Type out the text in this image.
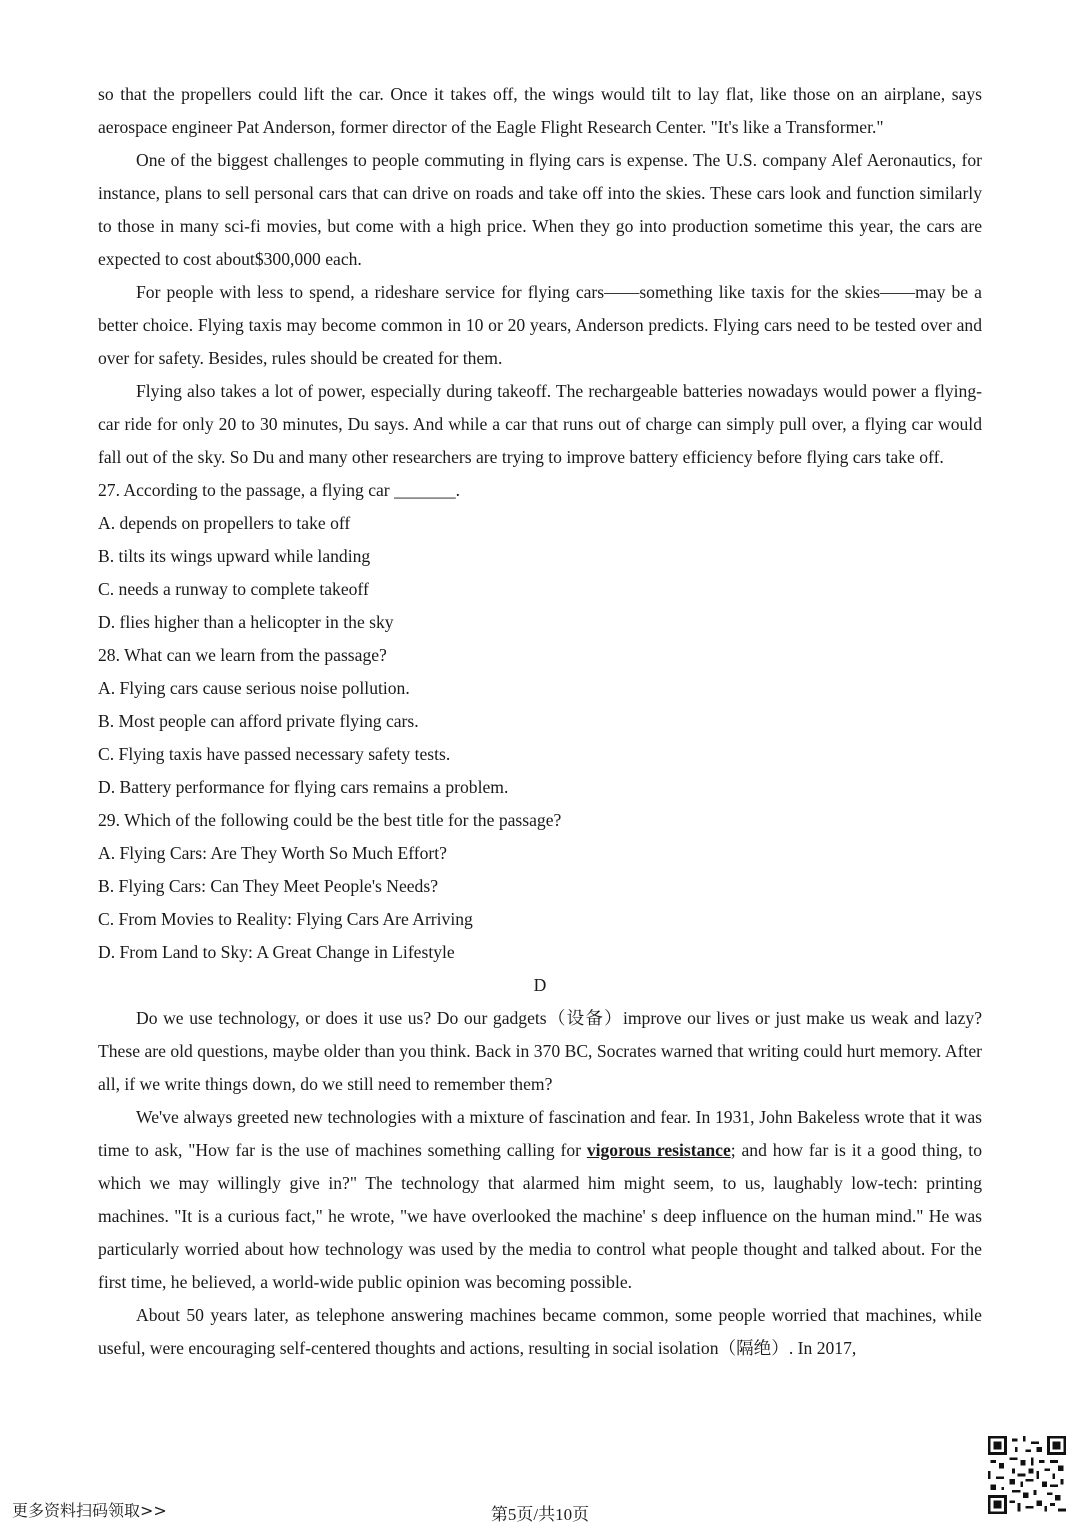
so that the propellers could lift the car. Once it takes off, the wings would tilt to lay flat, like those on an airplane, says aerospace engineer Pat Anderson, former director of the Eagle Flight Research Center. "It's like a Transformer."

One of the biggest challenges to people commuting in flying cars is expense. The U.S. company Alef Aeronautics, for instance, plans to sell personal cars that can drive on roads and take off into the skies. These cars look and function similarly to those in many sci-fi movies, but come with a high price. When they go into production sometime this year, the cars are expected to cost about$300,000 each.

For people with less to spend, a rideshare service for flying cars——something like taxis for the skies——may be a better choice. Flying taxis may become common in 10 or 20 years, Anderson predicts. Flying cars need to be tested over and over for safety. Besides, rules should be created for them.

Flying also takes a lot of power, especially during takeoff. The rechargeable batteries nowadays would power a flying-car ride for only 20 to 30 minutes, Du says. And while a car that runs out of charge can simply pull over, a flying car would fall out of the sky. So Du and many other researchers are trying to improve battery efficiency before flying cars take off.

27. According to the passage, a flying car _______.

A. depends on propellers to take off

B. tilts its wings upward while landing

C. needs a runway to complete takeoff

D. flies higher than a helicopter in the sky

28. What can we learn from the passage?

A. Flying cars cause serious noise pollution.

B. Most people can afford private flying cars.

C. Flying taxis have passed necessary safety tests.

D. Battery performance for flying cars remains a problem.

29. Which of the following could be the best title for the passage?

A. Flying Cars: Are They Worth So Much Effort?

B. Flying Cars: Can They Meet People's Needs?

C. From Movies to Reality: Flying Cars Are Arriving

D. From Land to Sky: A Great Change in Lifestyle

D

Do we use technology, or does it use us? Do our gadgets（设备）improve our lives or just make us weak and lazy? These are old questions, maybe older than you think. Back in 370 BC, Socrates warned that writing could hurt memory. After all, if we write things down, do we still need to remember them?

We've always greeted new technologies with a mixture of fascination and fear. In 1931, John Bakeless wrote that it was time to ask, "How far is the use of machines something calling for vigorous resistance; and how far is it a good thing, to which we may willingly give in?" The technology that alarmed him might seem, to us, laughably low-tech: printing machines. "It is a curious fact," he wrote, "we have overlooked the machine' s deep influence on the human mind." He was particularly worried about how technology was used by the media to control what people thought and talked about. For the first time, he believed, a world-wide public opinion was becoming possible.

About 50 years later, as telephone answering machines became common, some people worried that machines, while useful, were encouraging self-centered thoughts and actions, resulting in social isolation（隔绝）. In 2017,

更多资料扫码领取>>	第5页/共10页
